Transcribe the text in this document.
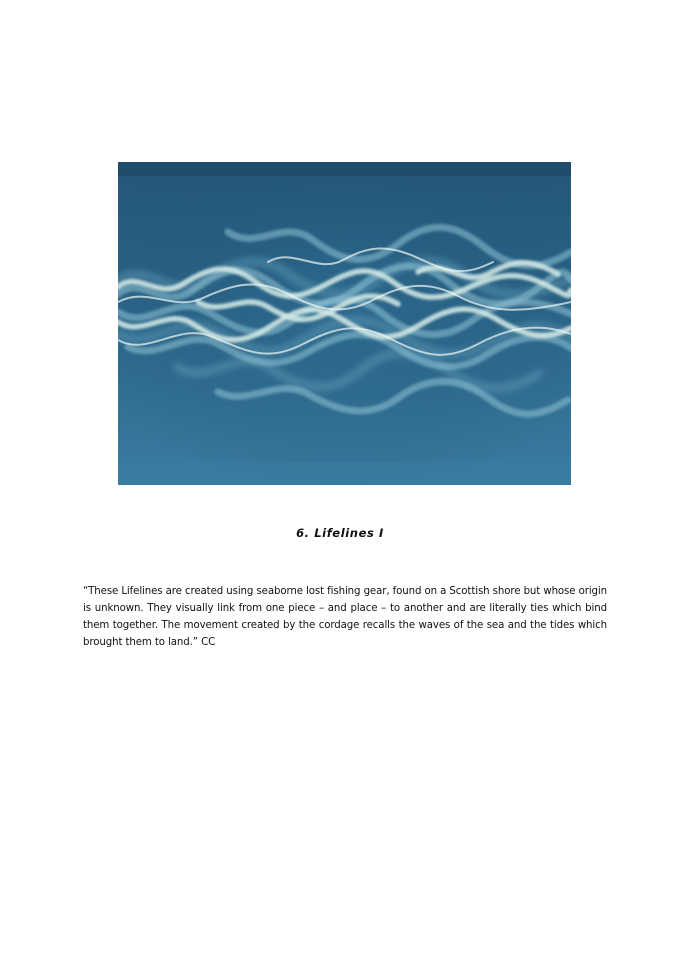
6. Lifelines I

“These Lifelines are created using seaborne lost fishing gear, found on a Scottish shore but whose origin is unknown. They visually link from one piece – and place – to another and are literally ties which bind them together. The movement created by the cordage recalls the waves of the sea and the tides which brought them to land.” CC
